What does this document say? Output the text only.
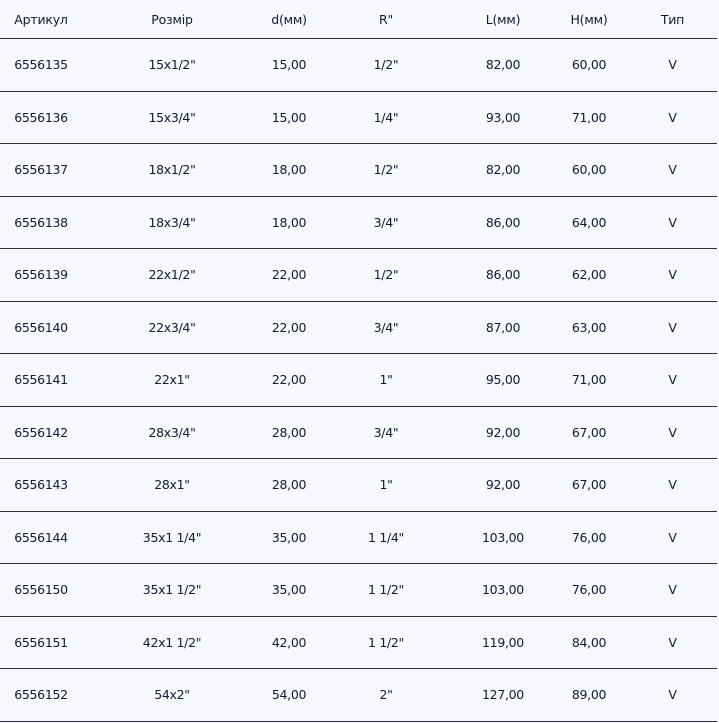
Артикул	Розмір	d(мм)	R"	L(мм)	H(мм)	Тип
6556135	15x1/2"	15,00	1/2"	82,00	60,00	V
6556136	15x3/4"	15,00	1/4"	93,00	71,00	V
6556137	18x1/2"	18,00	1/2"	82,00	60,00	V
6556138	18x3/4"	18,00	3/4"	86,00	64,00	V
6556139	22x1/2"	22,00	1/2"	86,00	62,00	V
6556140	22x3/4"	22,00	3/4"	87,00	63,00	V
6556141	22x1"	22,00	1"	95,00	71,00	V
6556142	28x3/4"	28,00	3/4"	92,00	67,00	V
6556143	28x1"	28,00	1"	92,00	67,00	V
6556144	35x1 1/4"	35,00	1 1/4"	103,00	76,00	V
6556150	35x1 1/2"	35,00	1 1/2"	103,00	76,00	V
6556151	42x1 1/2"	42,00	1 1/2"	119,00	84,00	V
6556152	54x2"	54,00	2"	127,00	89,00	V
